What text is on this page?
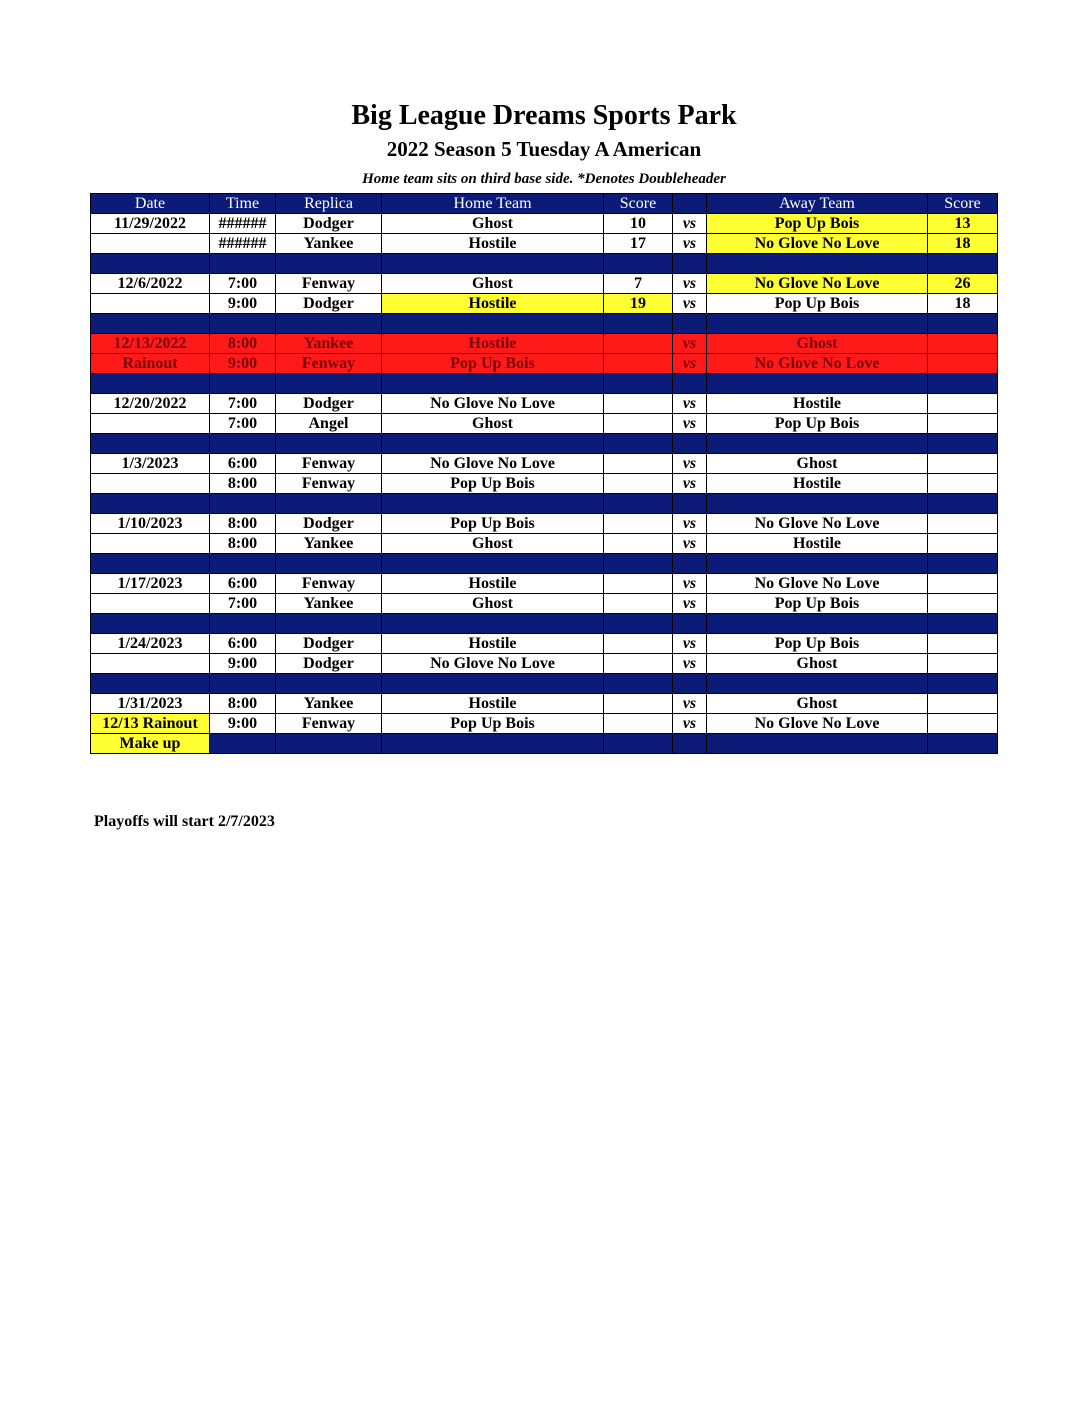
Big League Dreams Sports Park
2022 Season 5 Tuesday A American
Home team sits on third base side. *Denotes Doubleheader
Date	Time	Replica	Home Team	Score		Away Team	Score
11/29/2022	######	Dodger	Ghost	10	vs	Pop Up Bois	13
	######	Yankee	Hostile	17	vs	No Glove No Love	18

12/6/2022	7:00	Fenway	Ghost	7	vs	No Glove No Love	26
	9:00	Dodger	Hostile	19	vs	Pop Up Bois	18

12/13/2022	8:00	Yankee	Hostile		vs	Ghost	
Rainout	9:00	Fenway	Pop Up Bois		vs	No Glove No Love	

12/20/2022	7:00	Dodger	No Glove No Love		vs	Hostile	
	7:00	Angel	Ghost		vs	Pop Up Bois	

1/3/2023	6:00	Fenway	No Glove No Love		vs	Ghost	
	8:00	Fenway	Pop Up Bois		vs	Hostile	

1/10/2023	8:00	Dodger	Pop Up Bois		vs	No Glove No Love	
	8:00	Yankee	Ghost		vs	Hostile	

1/17/2023	6:00	Fenway	Hostile		vs	No Glove No Love	
	7:00	Yankee	Ghost		vs	Pop Up Bois	

1/24/2023	6:00	Dodger	Hostile		vs	Pop Up Bois	
	9:00	Dodger	No Glove No Love		vs	Ghost	

1/31/2023	8:00	Yankee	Hostile		vs	Ghost	
12/13 Rainout	9:00	Fenway	Pop Up Bois		vs	No Glove No Love	
Make up							
Playoffs will start 2/7/2023
